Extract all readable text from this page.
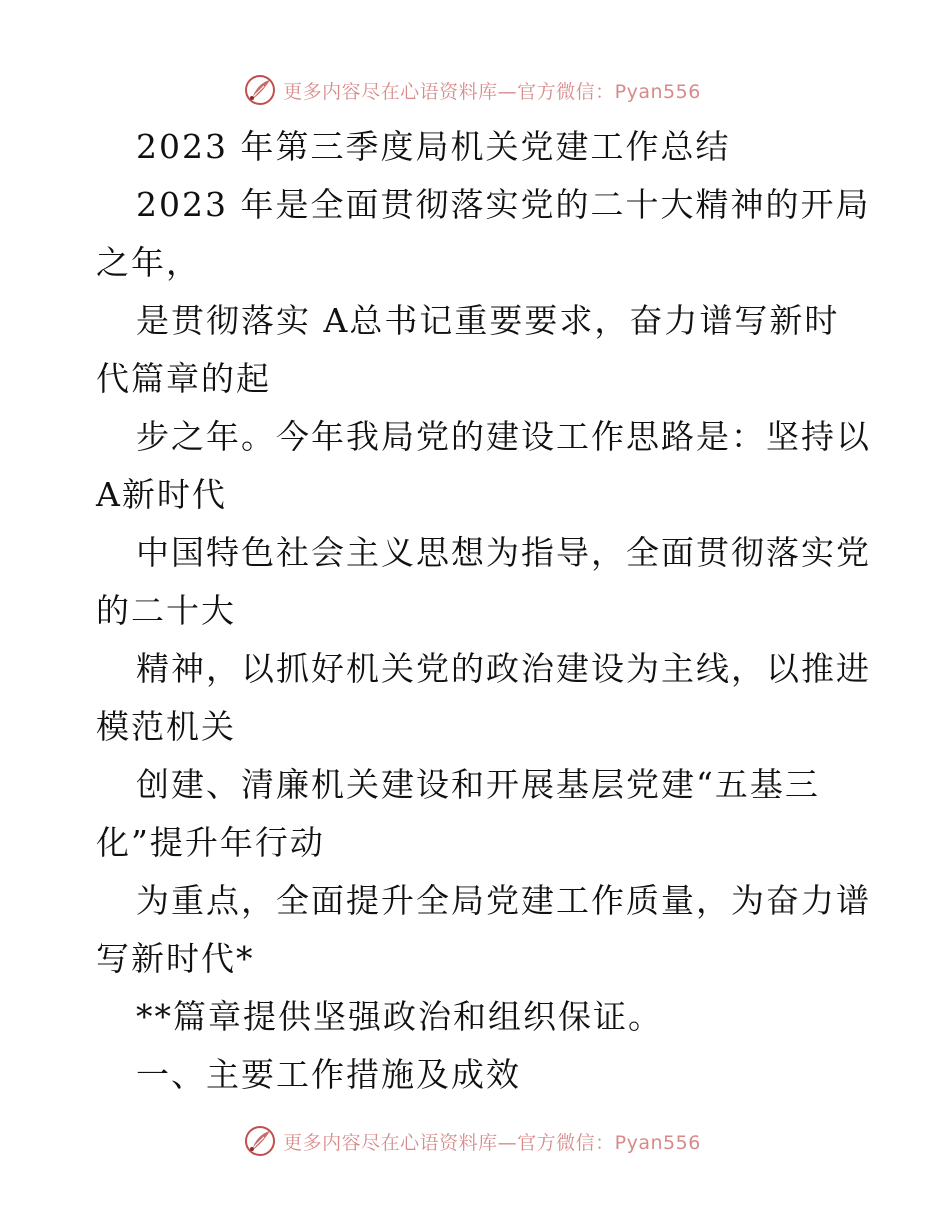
更多内容尽在心语资料库—官方微信：Pyan556
2023 年第三季度局机关党建工作总结
2023 年是全面贯彻落实党的二十大精神的开局
之年，
是贯彻落实 A总书记重要要求，奋力谱写新时
代篇章的起
步之年。今年我局党的建设工作思路是：坚持以
A新时代
中国特色社会主义思想为指导，全面贯彻落实党
的二十大
精神，以抓好机关党的政治建设为主线，以推进
模范机关
创建、清廉机关建设和开展基层党建“五基三
化”提升年行动
为重点，全面提升全局党建工作质量，为奋力谱
写新时代*
**篇章提供坚强政治和组织保证。
一、主要工作措施及成效
更多内容尽在心语资料库—官方微信：Pyan556
